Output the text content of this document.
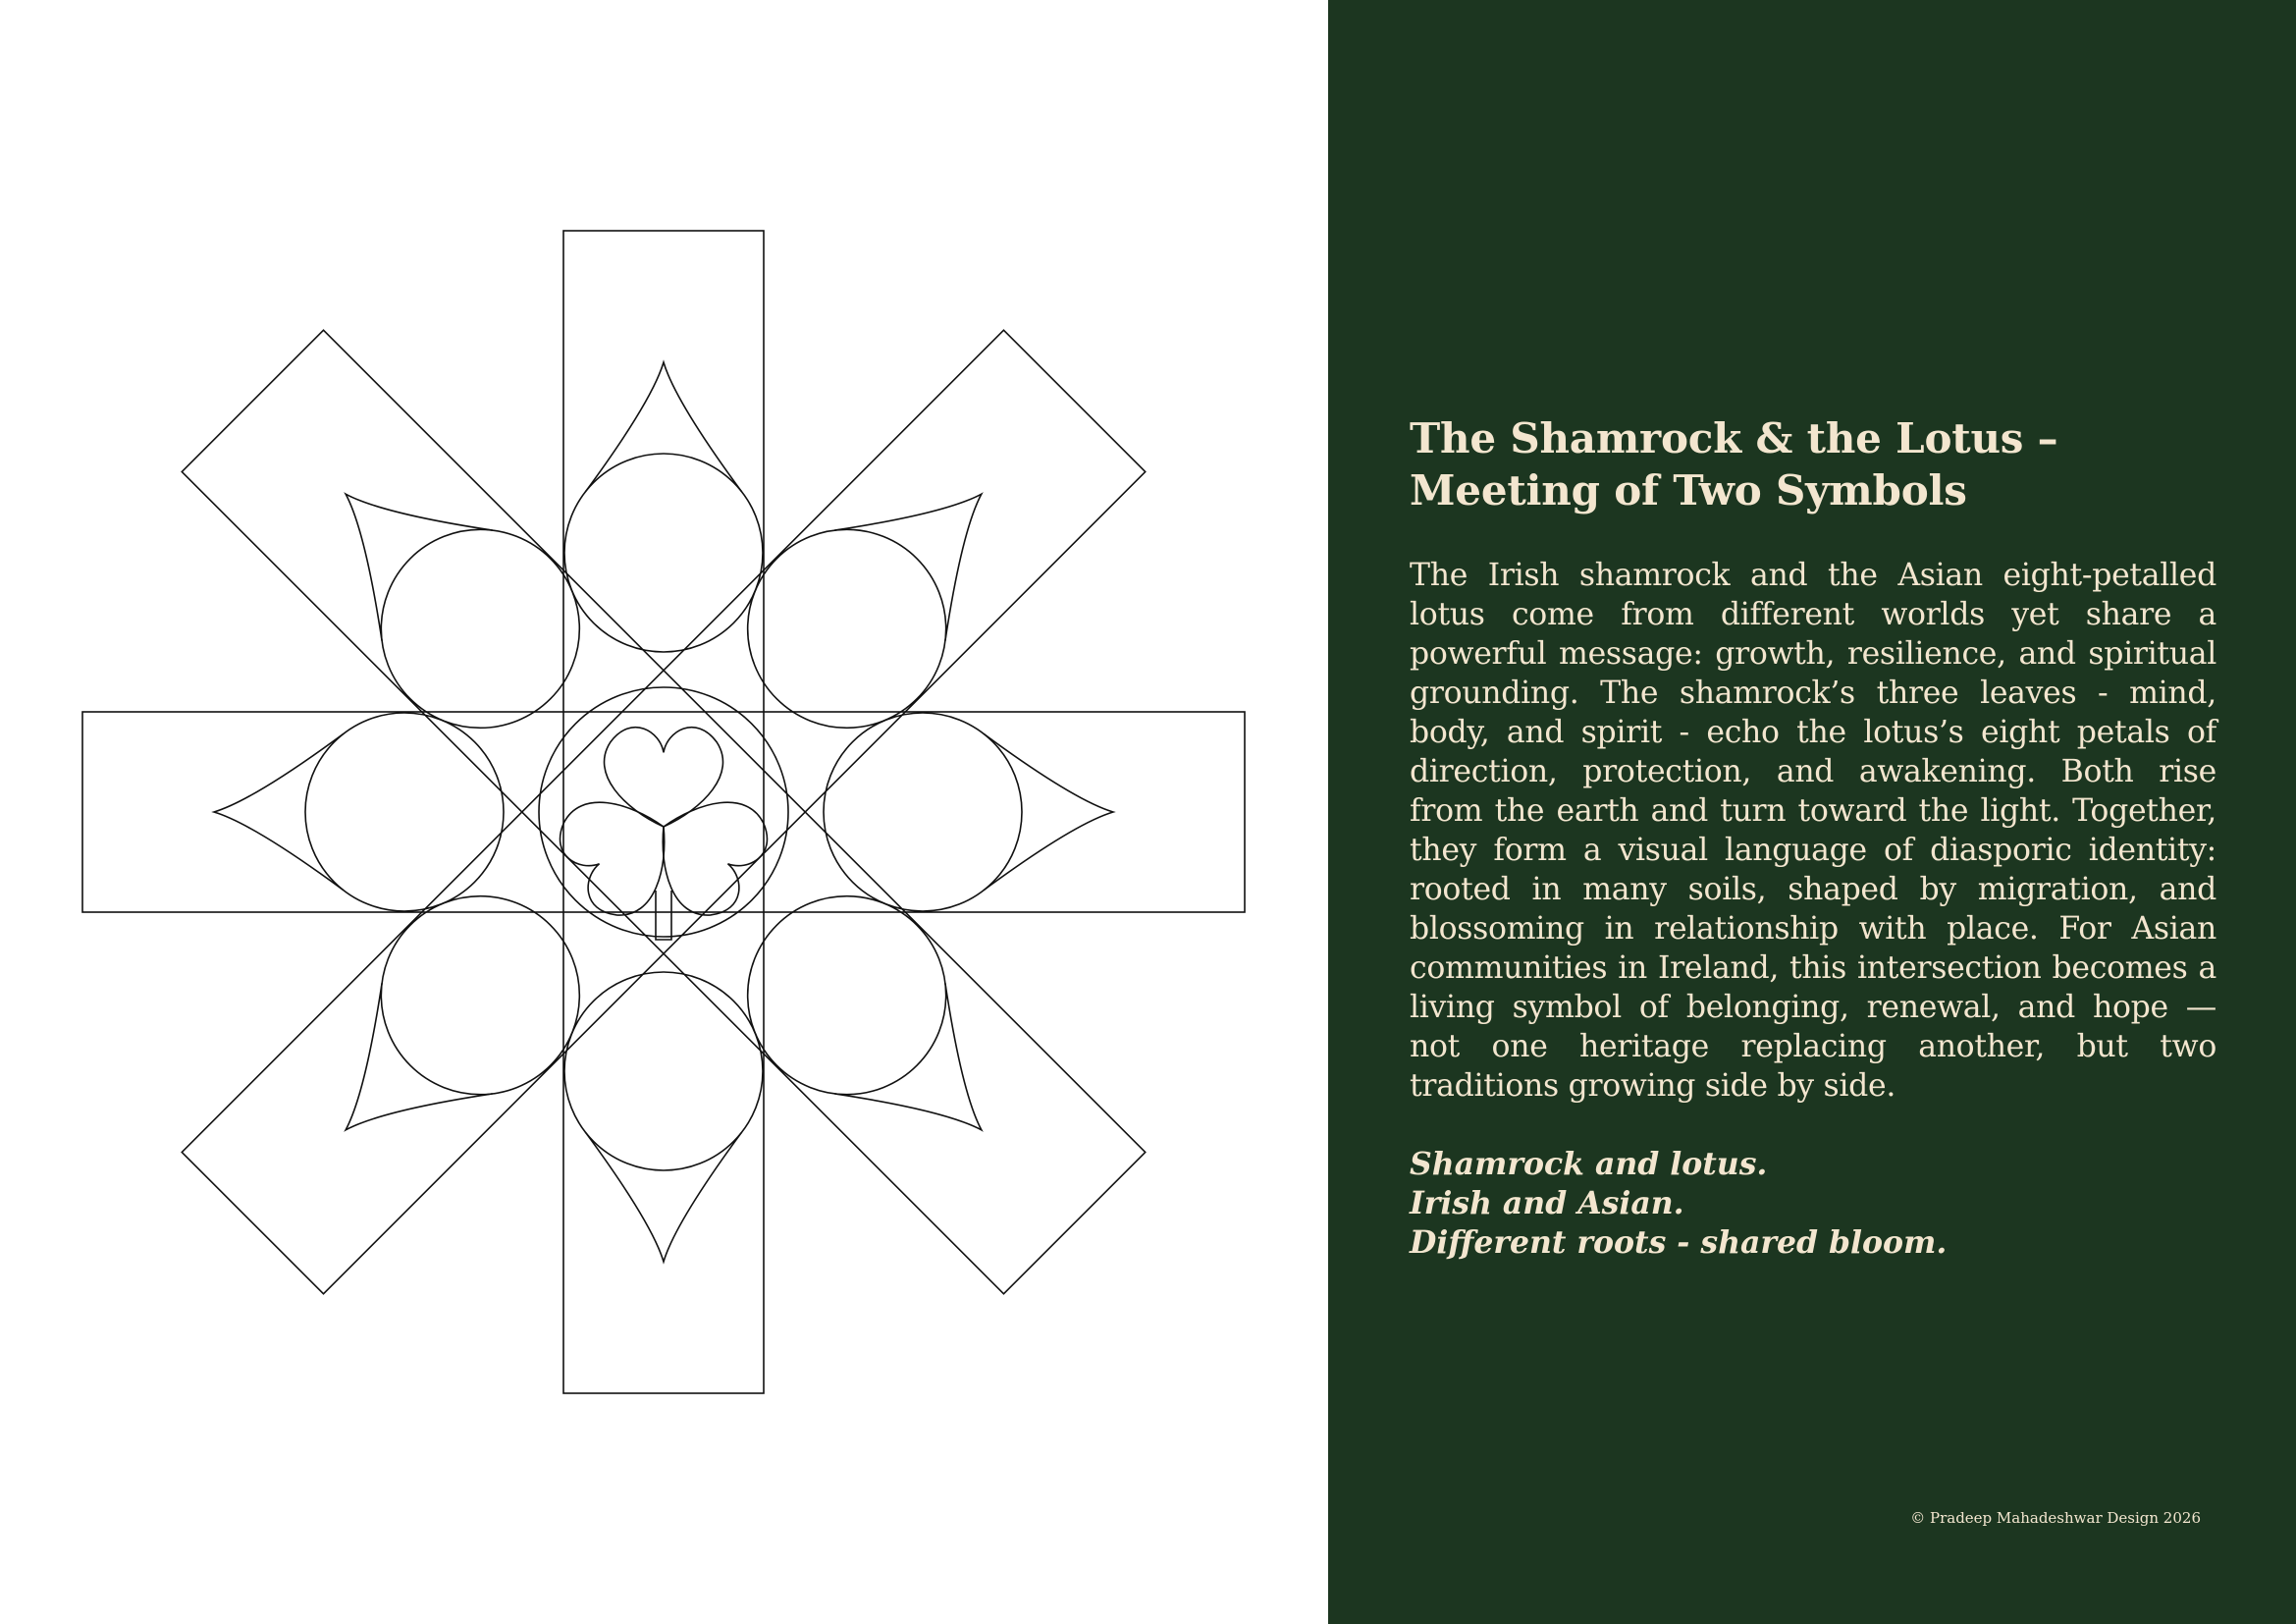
The Shamrock & the Lotus –
Meeting of Two Symbols

The Irish shamrock and the Asian eight-petalled lotus come from different worlds yet share a powerful message: growth, resilience, and spiritual grounding. The shamrock’s three leaves - mind, body, and spirit - echo the lotus’s eight petals of direction, protection, and awakening. Both rise from the earth and turn toward the light. Together, they form a visual language of diasporic identity: rooted in many soils, shaped by migration, and blossoming in relationship with place. For Asian communities in Ireland, this intersection becomes a living symbol of belonging, renewal, and hope — not one heritage replacing another, but two traditions growing side by side.

Shamrock and lotus.
Irish and Asian.
Different roots - shared bloom.

© Pradeep Mahadeshwar Design 2026
